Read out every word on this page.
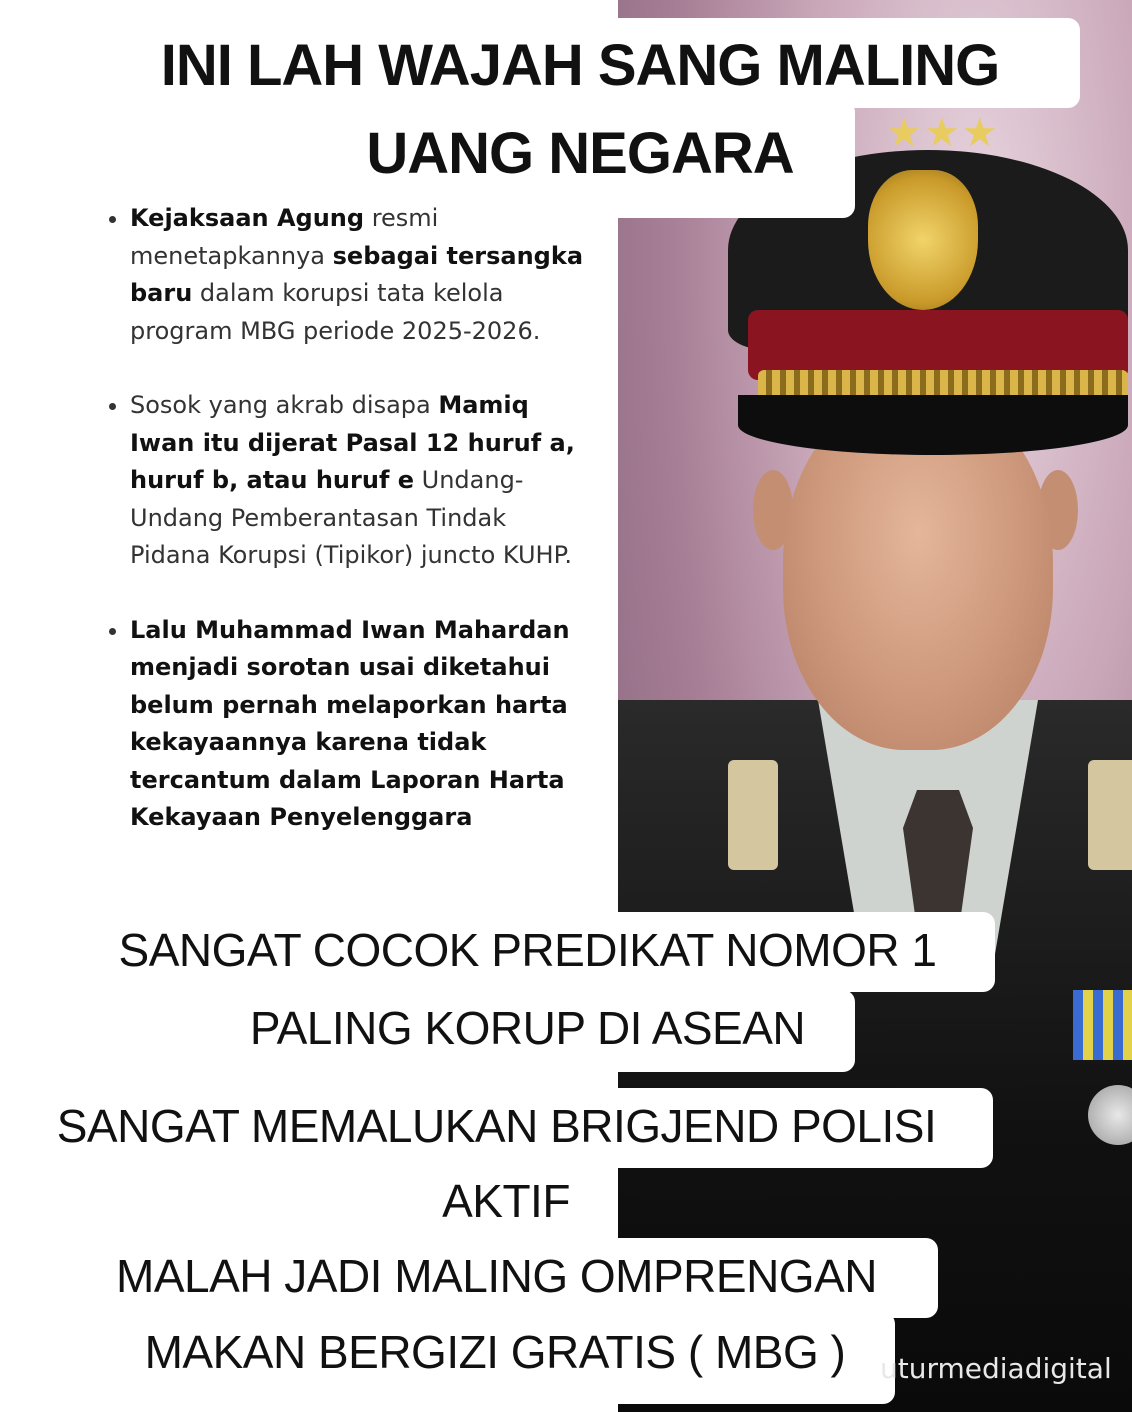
★★★
INI LAH WAJAH SANG MALING
UANG NEGARA
• Kejaksaan Agung resmi menetapkannya sebagai tersangka baru dalam korupsi tata kelola program MBG periode 2025-2026.
• Sosok yang akrab disapa Mamiq Iwan itu dijerat Pasal 12 huruf a, huruf b, atau huruf e Undang-Undang Pemberantasan Tindak Pidana Korupsi (Tipikor) juncto KUHP.
• Lalu Muhammad Iwan Mahardan menjadi sorotan usai diketahui belum pernah melaporkan harta kekayaannya karena tidak tercantum dalam Laporan Harta Kekayaan Penyelenggara
SANGAT COCOK PREDIKAT NOMOR 1
PALING KORUP DI ASEAN
SANGAT MEMALUKAN BRIGJEND POLISI
AKTIF
MALAH JADI MALING OMPRENGAN
MAKAN BERGIZI GRATIS ( MBG )	uturmediadigital
